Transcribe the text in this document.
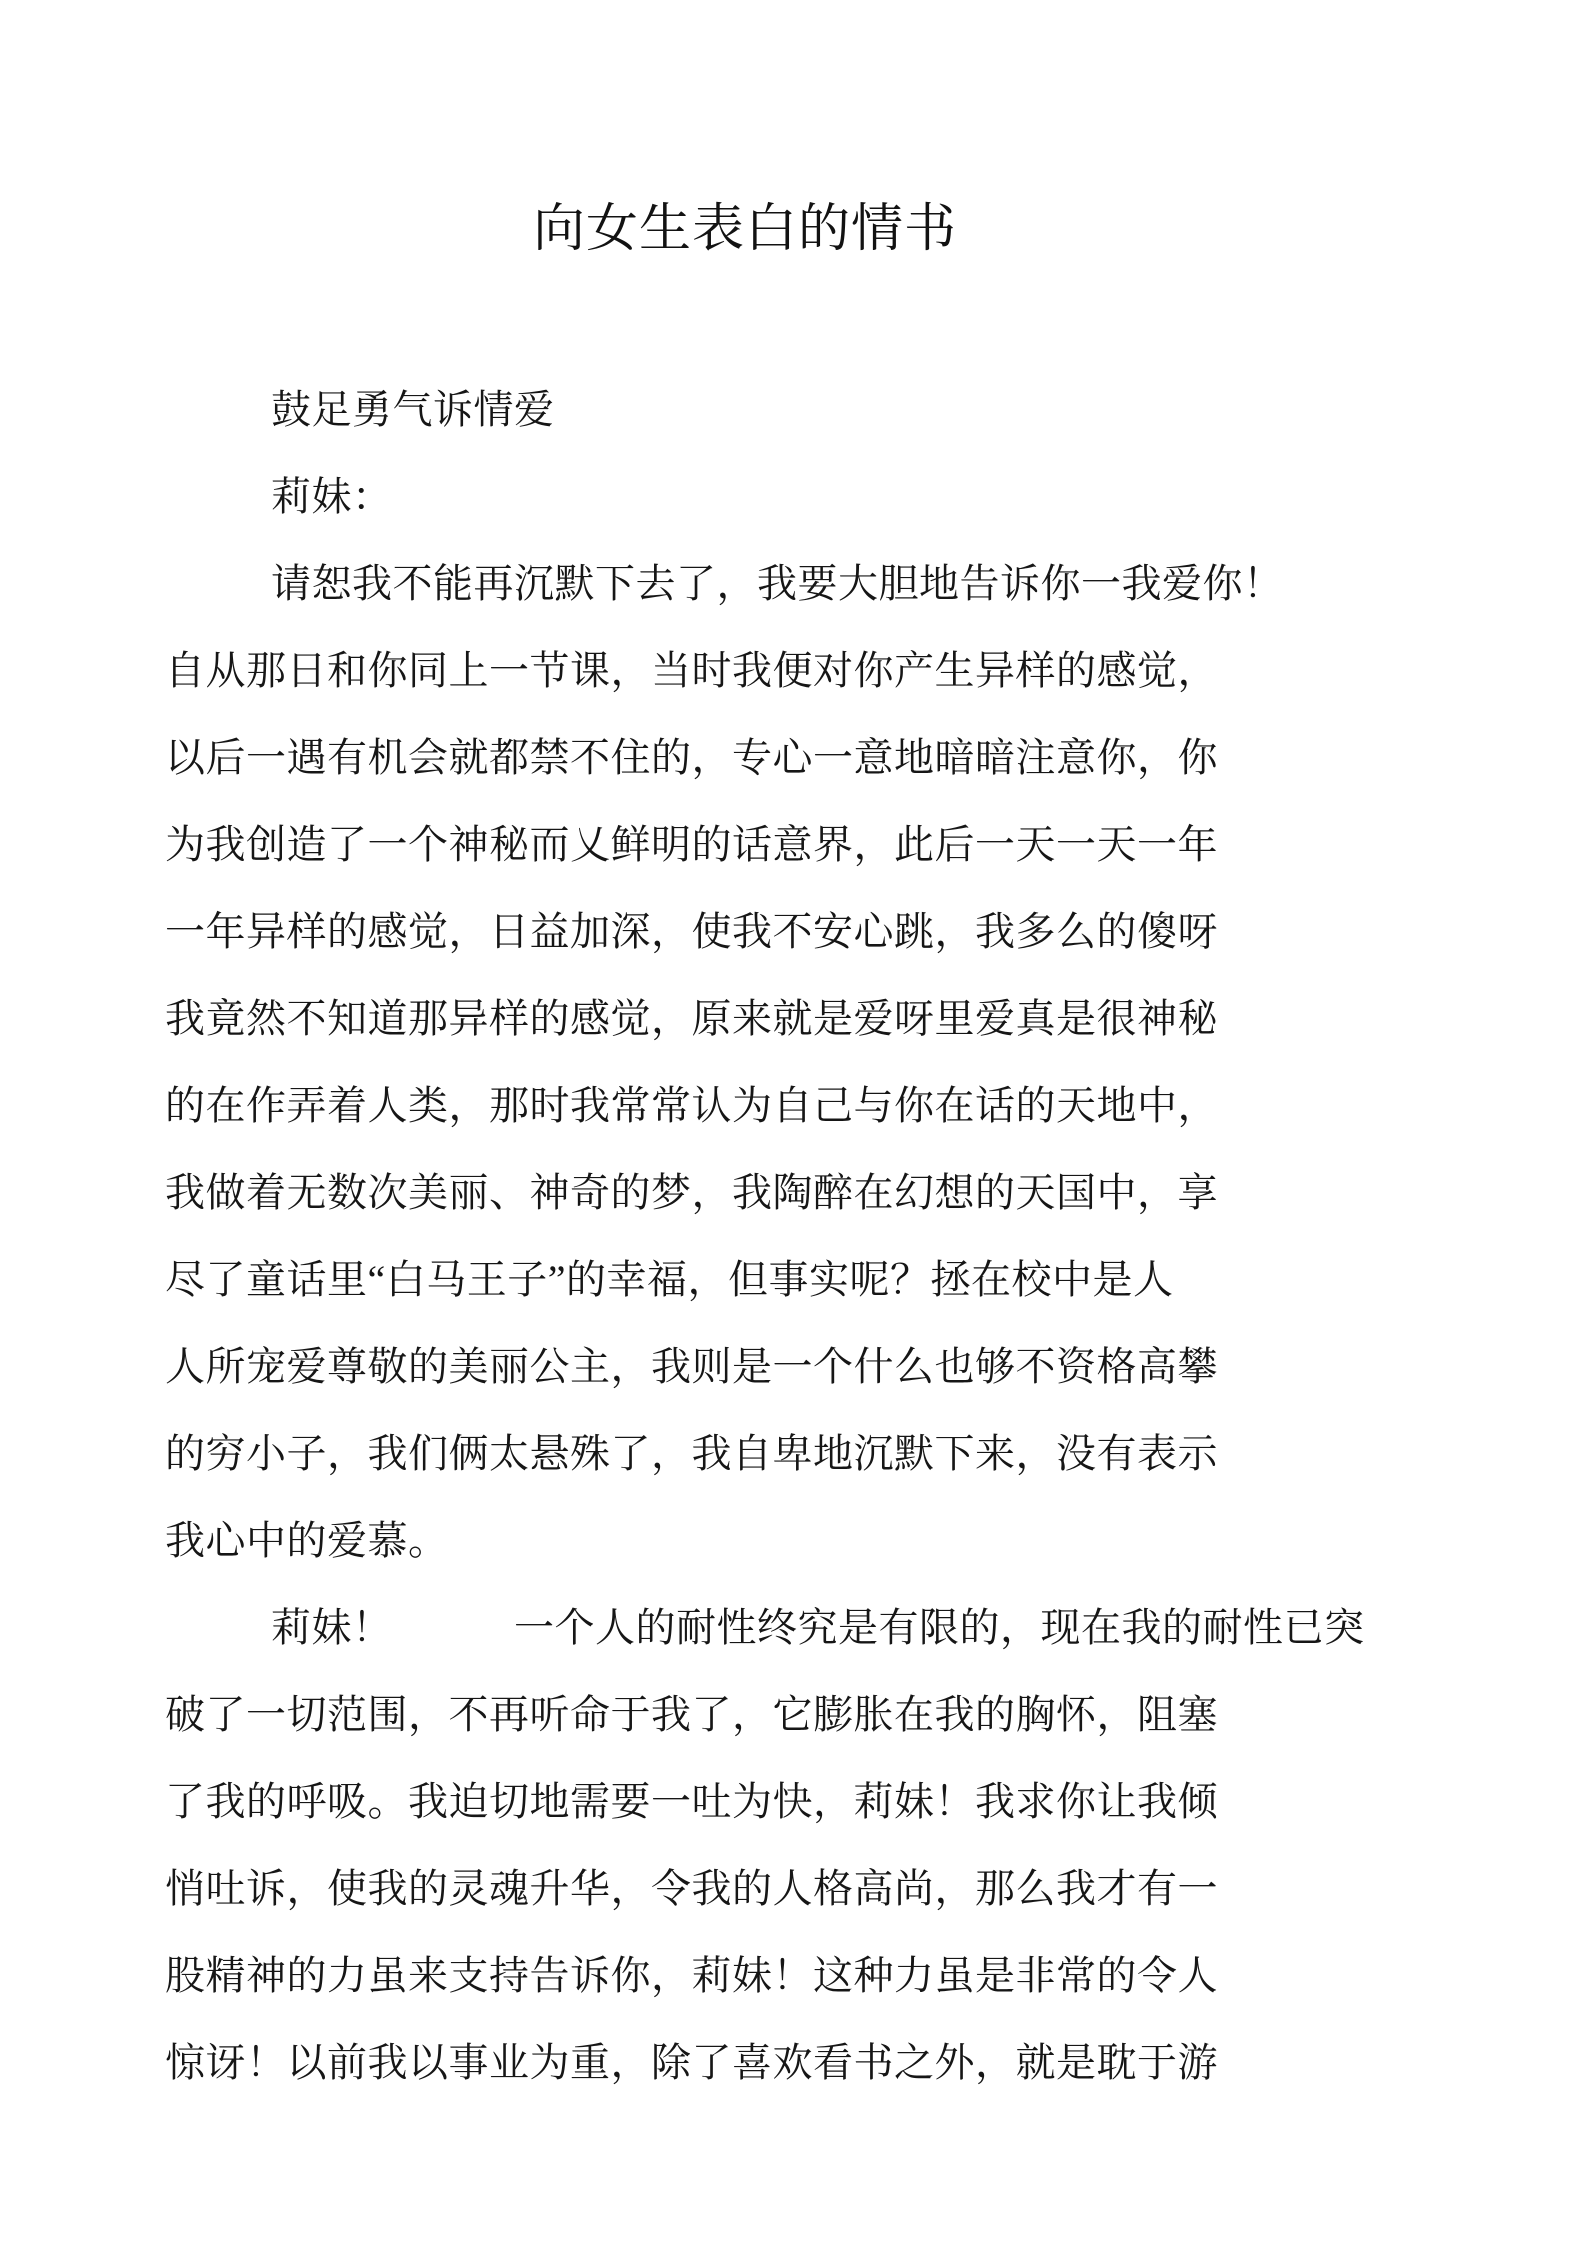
向女生表白的情书
鼓足勇气诉情爱
莉妹：
请恕我不能再沉默下去了，我要大胆地告诉你一我爱你！
自从那日和你同上一节课，当时我便对你产生异样的感觉，
以后一遇有机会就都禁不住的，专心一意地暗暗注意你，你
为我创造了一个神秘而乂鲜明的话意界，此后一天一天一年
一年异样的感觉，日益加深，使我不安心跳，我多么的傻呀
我竟然不知道那异样的感觉，原来就是爱呀里爱真是很神秘
的在作弄着人类，那时我常常认为自己与你在话的天地中，
我做着无数次美丽、神奇的梦，我陶醉在幻想的天国中，享
尽了童话里“白马王子”的幸福，但事实呢？拯在校中是人
人所宠爱尊敬的美丽公主，我则是一个什么也够不资格高攀
的穷小子，我们俩太悬殊了，我自卑地沉默下来，没有表示
我心中的爱慕。
莉妹！　　　一个人的耐性终究是有限的，现在我的耐性已突
破了一切范围，不再听命于我了，它膨胀在我的胸怀，阻塞
了我的呼吸。我迫切地需要一吐为快，莉妹！我求你让我倾
悄吐诉，使我的灵魂升华，令我的人格高尚，那么我才有一
股精神的力虽来支持告诉你，莉妹！这种力虽是非常的令人
惊讶！以前我以事业为重，除了喜欢看书之外，就是耽于游
